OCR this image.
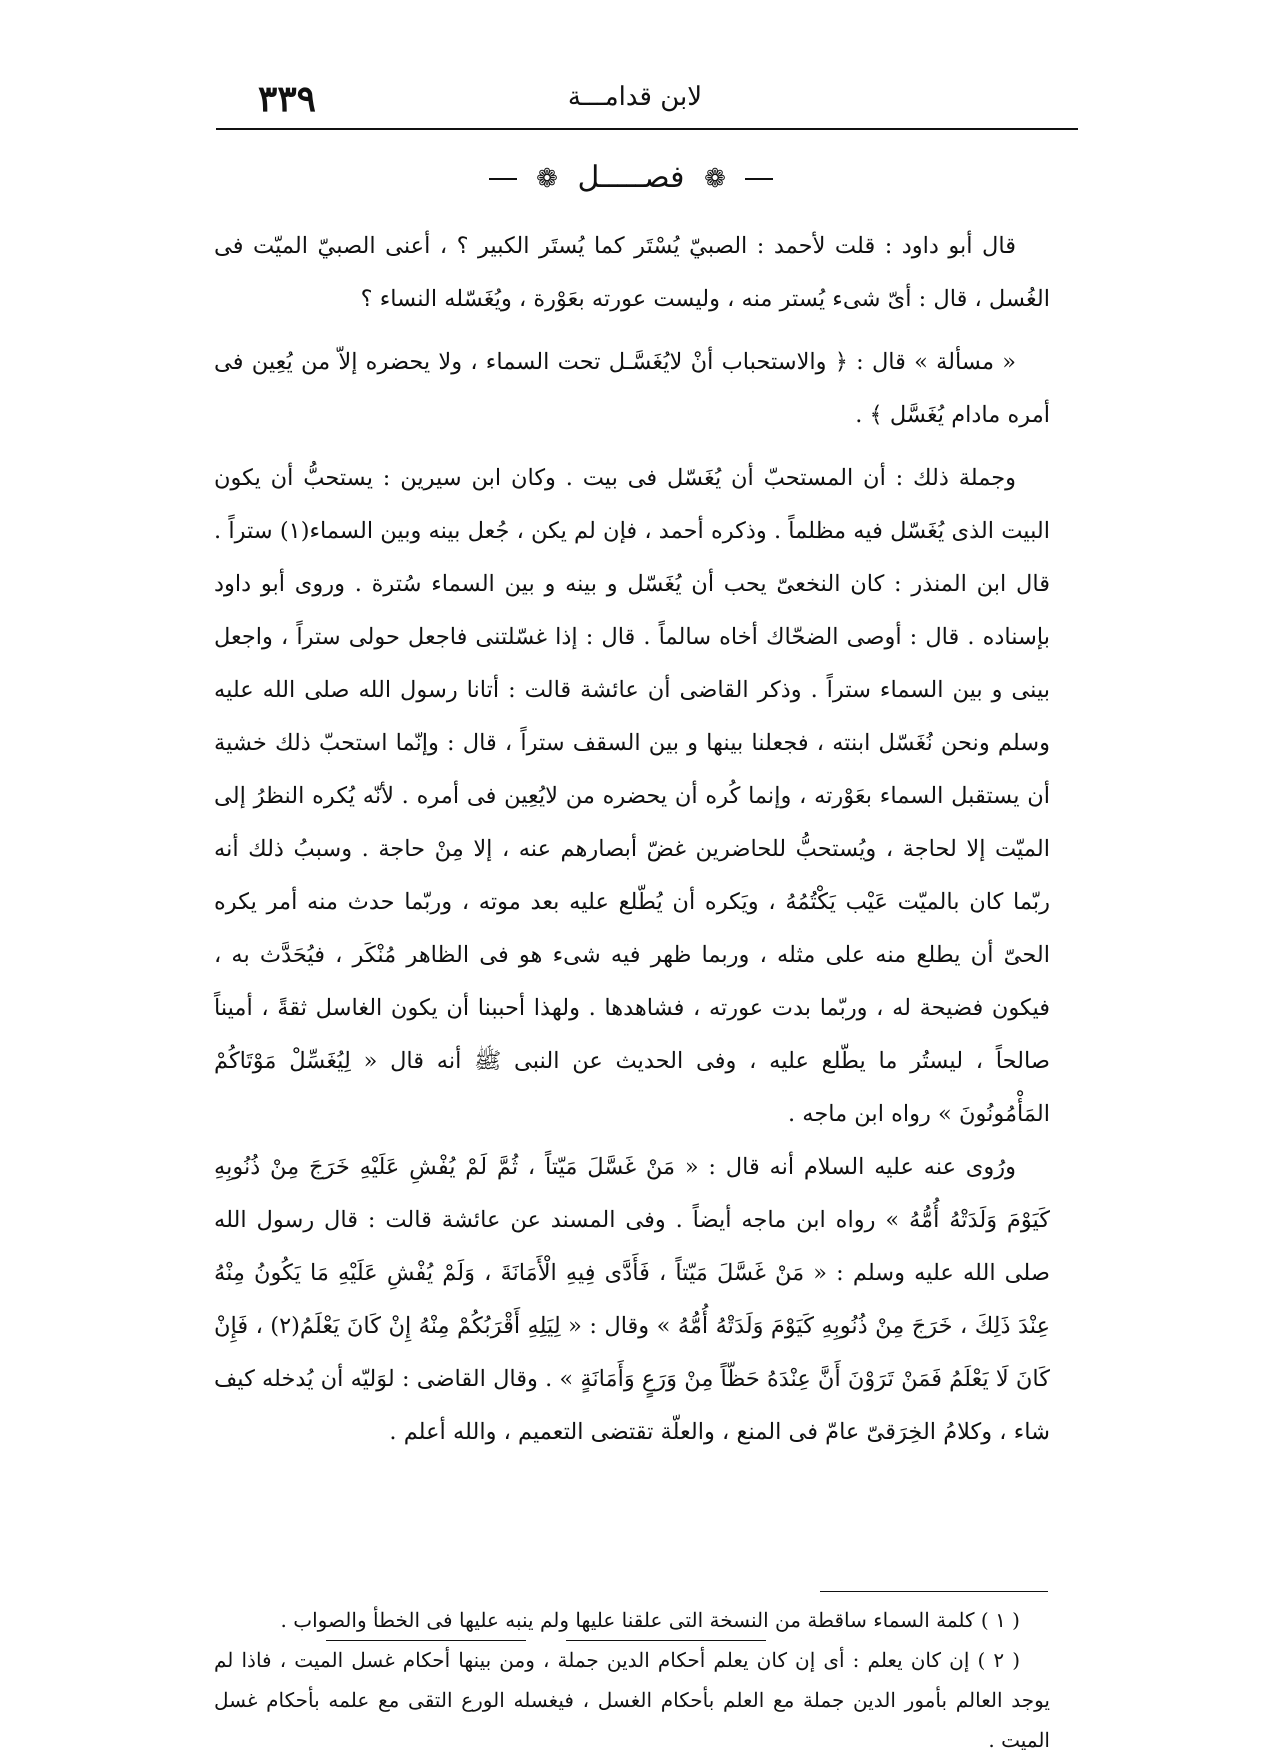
٣٣٩	لابن قدامـــة
❁ فصـــــل ❁

قال أبو داود : قلت لأحمد : الصبيّ يُسْتَر كما يُستَر الكبير ؟ ، أعنى الصبيّ الميّت فى الغُسل ، قال : أىّ شىء يُستر منه ، وليست عورته بعَوْرة ، ويُغَسّله النساء ؟

« مسألة » قال : ﴿ والاستحباب أنْ لايُغَسَّـل تحت السماء ، ولا يحضره إلاّ من يُعِين فى أمره مادام يُغَسَّل ﴾ .

وجملة ذلك : أن المستحبّ أن يُغَسّل فى بيت . وكان ابن سيرين : يستحبُّ أن يكون البيت الذى يُغَسّل فيه مظلماً . وذكره أحمد ، فإن لم يكن ، جُعل بينه وبين السماء(١) ستراً . قال ابن المنذر : كان النخعىّ يحب أن يُغَسّل و بينه و بين السماء سُترة . وروى أبو داود بإسناده . قال : أوصى الضحّاك أخاه سالماً . قال : إذا غسّلتنى فاجعل حولى ستراً ، واجعل بينى و بين السماء ستراً . وذكر القاضى أن عائشة قالت : أتانا رسول الله صلى الله عليه وسلم ونحن نُغَسّل ابنته ، فجعلنا بينها و بين السقف ستراً ، قال : وإنّما استحبّ ذلك خشية أن يستقبل السماء بعَوْرته ، وإنما كُره أن يحضره من لايُعِين فى أمره . لأنّه يُكره النظرُ إلى الميّت إلا لحاجة ، ويُستحبُّ للحاضرين غضّ أبصارهم عنه ، إلا مِنْ حاجة . وسببُ ذلك أنه ربّما كان بالميّت عَيْب يَكْتُمُهُ ، ويَكره أن يُطّلع عليه بعد موته ، وربّما حدث منه أمر يكره الحىّ أن يطلع منه على مثله ، وربما ظهر فيه شىء هو فى الظاهر مُنْكَر ، فيُحَدَّث به ، فيكون فضيحة له ، وربّما بدت عورته ، فشاهدها . ولهذا أحببنا أن يكون الغاسل ثقةً ، أميناً صالحاً ، ليستُر ما يطّلع عليه ، وفى الحديث عن النبى ﷺ أنه قال « لِيُغَسِّلْ مَوْتَاكُمْ المَأْمُونُونَ » رواه ابن ماجه .

ورُوى عنه عليه السلام أنه قال : « مَنْ غَسَّلَ مَيّتاً ، ثُمَّ لَمْ يُفْشِ عَلَيْهِ خَرَجَ مِنْ ذُنُوبِهِ كَيَوْمَ وَلَدَتْهُ أُمُّهُ » رواه ابن ماجه أيضاً . وفى المسند عن عائشة قالت : قال رسول الله صلى الله عليه وسلم : « مَنْ غَسَّلَ مَيّتاً ، فَأَدَّى فِيهِ الْأَمَانَةَ ، وَلَمْ يُفْشِ عَلَيْهِ مَا يَكُونُ مِنْهُ عِنْدَ ذَلِكَ ، خَرَجَ مِنْ ذُنُوبِهِ كَيَوْمَ وَلَدَتْهُ أُمُّهُ » وقال : « لِيَلِهِ أَقْرَبُكُمْ مِنْهُ إِنْ كَانَ يَعْلَمُ(٢) ، فَإِنْ كَانَ لَا يَعْلَمُ فَمَنْ تَرَوْنَ أَنَّ عِنْدَهُ حَظّاً مِنْ وَرَعٍ وَأَمَانَةٍ » . وقال القاضى : لوَليّه أن يُدخله كيف شاء ، وكلامُ الخِرَقىّ عامّ فى المنع ، والعلّة تقتضى التعميم ، والله أعلم .

( ١ ) كلمة السماء ساقطة من النسخة التى علقنا عليها ولم ينبه عليها فى الخطأ والصواب .

( ٢ ) إن كان يعلم : أى إن كان يعلم أحكام الدين جملة ، ومن بينها أحكام غسل الميت ، فاذا لم يوجد العالم بأمور الدين جملة مع العلم بأحكام الغسل ، فيغسله الورع التقى مع علمه بأحكام غسل الميت .
